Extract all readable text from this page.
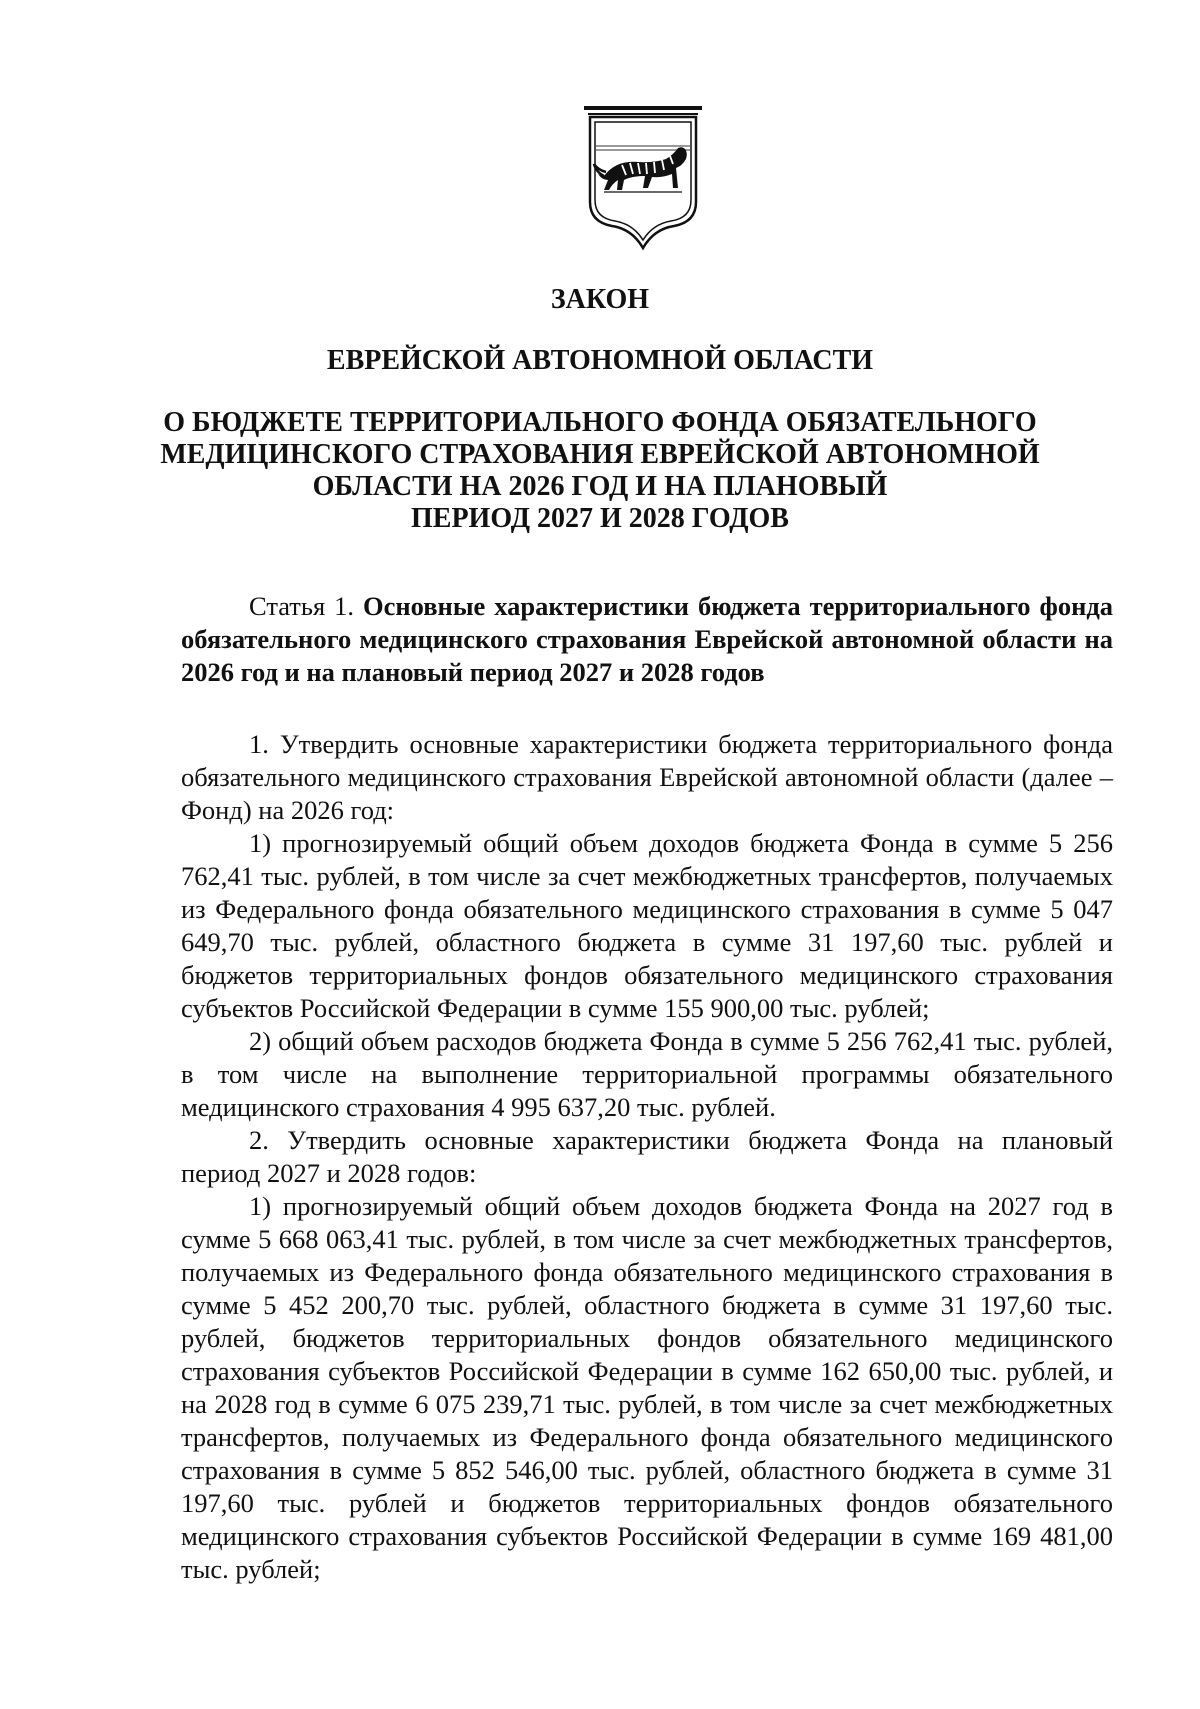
ЗАКОН
ЕВРЕЙСКОЙ АВТОНОМНОЙ ОБЛАСТИ
О БЮДЖЕТЕ ТЕРРИТОРИАЛЬНОГО ФОНДА ОБЯЗАТЕЛЬНОГО
МЕДИЦИНСКОГО СТРАХОВАНИЯ ЕВРЕЙСКОЙ АВТОНОМНОЙ
ОБЛАСТИ НА 2026 ГОД И НА ПЛАНОВЫЙ
ПЕРИОД 2027 И 2028 ГОДОВ

Статья 1. Основные характеристики бюджета территориального фонда обязательного медицинского страхования Еврейской автономной области на 2026 год и на плановый период 2027 и 2028 годов

1. Утвердить основные характеристики бюджета территориального фонда обязательного медицинского страхования Еврейской автономной области (далее – Фонд) на 2026 год:

1) прогнозируемый общий объем доходов бюджета Фонда в сумме 5 256 762,41 тыс. рублей, в том числе за счет межбюджетных трансфертов, получаемых из Федерального фонда обязательного медицинского страхования в сумме 5 047 649,70 тыс. рублей, областного бюджета в сумме 31 197,60 тыс. рублей и бюджетов территориальных фондов обязательного медицинского страхования субъектов Российской Федерации в сумме 155 900,00 тыс. рублей;

2) общий объем расходов бюджета Фонда в сумме 5 256 762,41 тыс. рублей, в том числе на выполнение территориальной программы обязательного медицинского страхования 4 995 637,20 тыс. рублей.

2. Утвердить основные характеристики бюджета Фонда на плановый период 2027 и 2028 годов:

1) прогнозируемый общий объем доходов бюджета Фонда на 2027 год в сумме 5 668 063,41 тыс. рублей, в том числе за счет межбюджетных трансфертов, получаемых из Федерального фонда обязательного медицинского страхования в сумме 5 452 200,70 тыс. рублей, областного бюджета в сумме 31 197,60 тыс. рублей, бюджетов территориальных фондов обязательного медицинского страхования субъектов Российской Федерации в сумме 162 650,00 тыс. рублей, и на 2028 год в сумме 6 075 239,71 тыс. рублей, в том числе за счет межбюджетных трансфертов, получаемых из Федерального фонда обязательного медицинского страхования в сумме 5 852 546,00 тыс. рублей, областного бюджета в сумме 31 197,60 тыс. рублей и бюджетов территориальных фондов обязательного медицинского страхования субъектов Российской Федерации в сумме 169 481,00 тыс. рублей;
